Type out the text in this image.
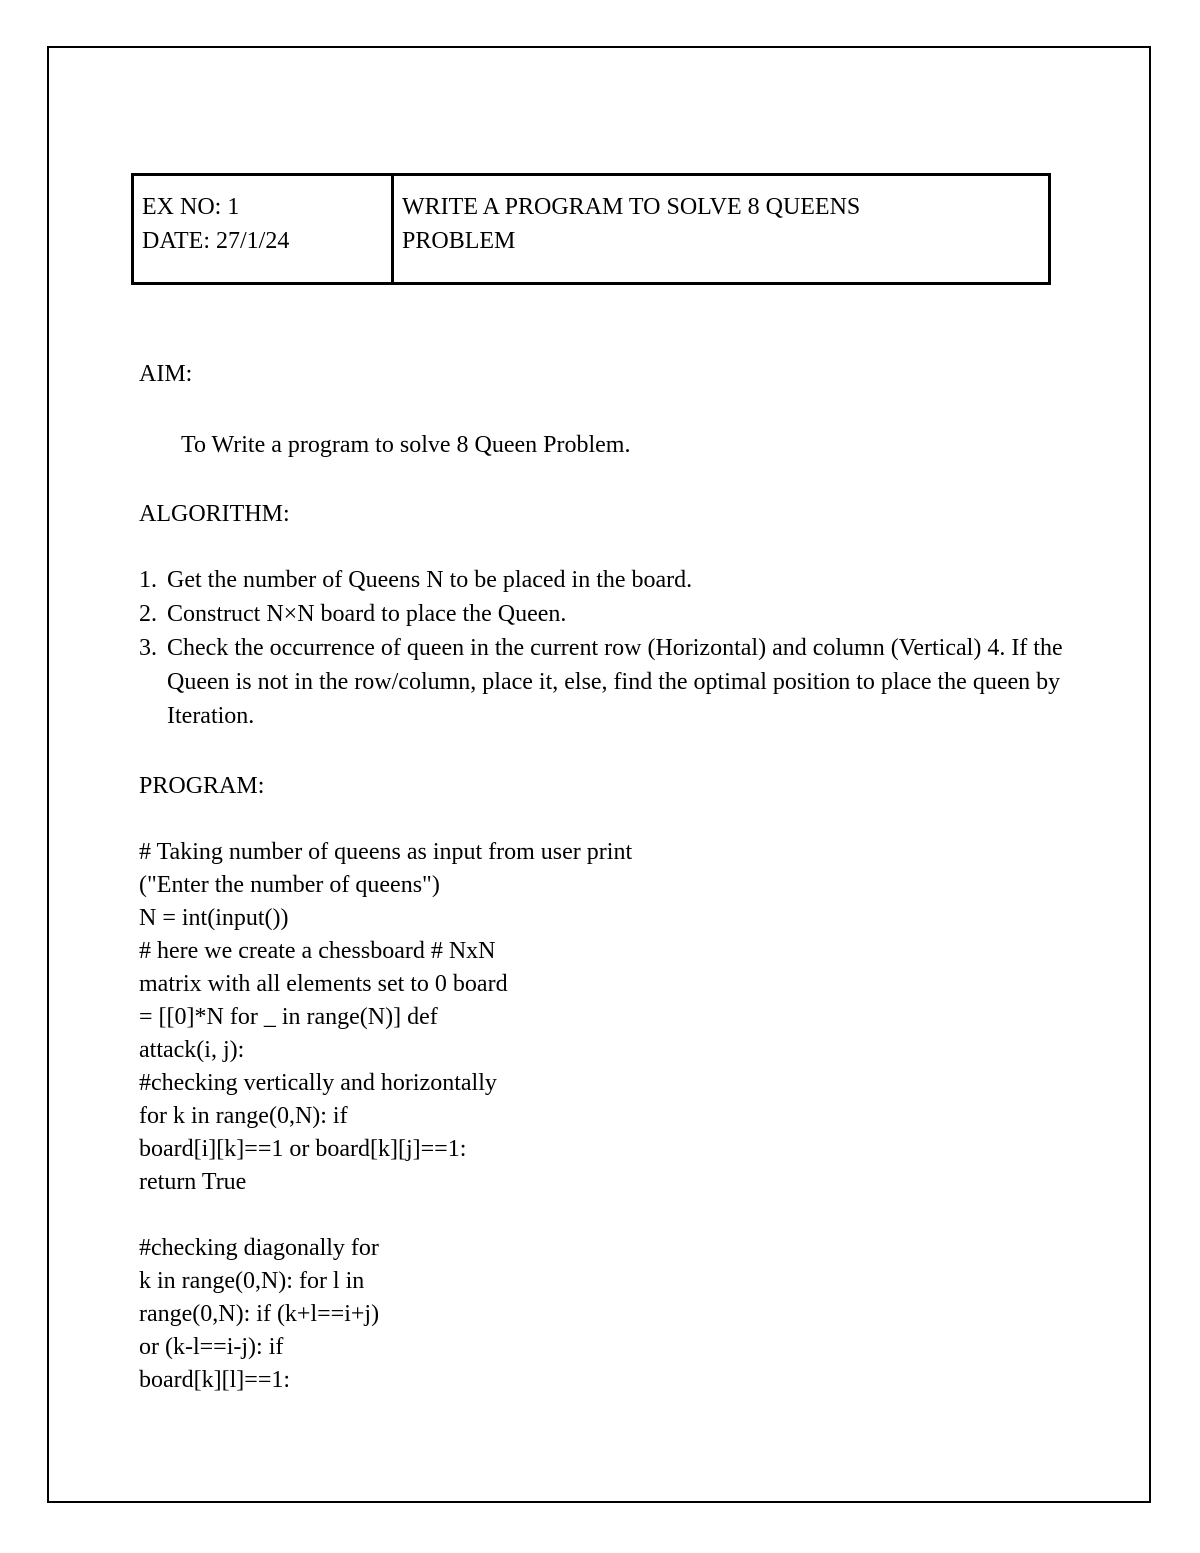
EX NO: 1
DATE: 27/1/24
WRITE A PROGRAM TO SOLVE 8 QUEENS
PROBLEM
AIM:
To Write a program to solve 8 Queen Problem.
ALGORITHM:
1. Get the number of Queens N to be placed in the board.
2. Construct N×N board to place the Queen.
3. Check the occurrence of queen in the current row (Horizontal) and column (Vertical) 4. If the Queen is not in the row/column, place it, else, find the optimal position to place the queen by Iteration.
PROGRAM:
# Taking number of queens as input from user print
("Enter the number of queens")
N = int(input())
# here we create a chessboard # NxN
matrix with all elements set to 0 board
= [[0]*N for _ in range(N)] def
attack(i, j):
#checking vertically and horizontally
for k in range(0,N): if
board[i][k]==1 or board[k][j]==1:
return True
#checking diagonally for
k in range(0,N): for l in
range(0,N): if (k+l==i+j)
or (k-l==i-j): if
board[k][l]==1:
